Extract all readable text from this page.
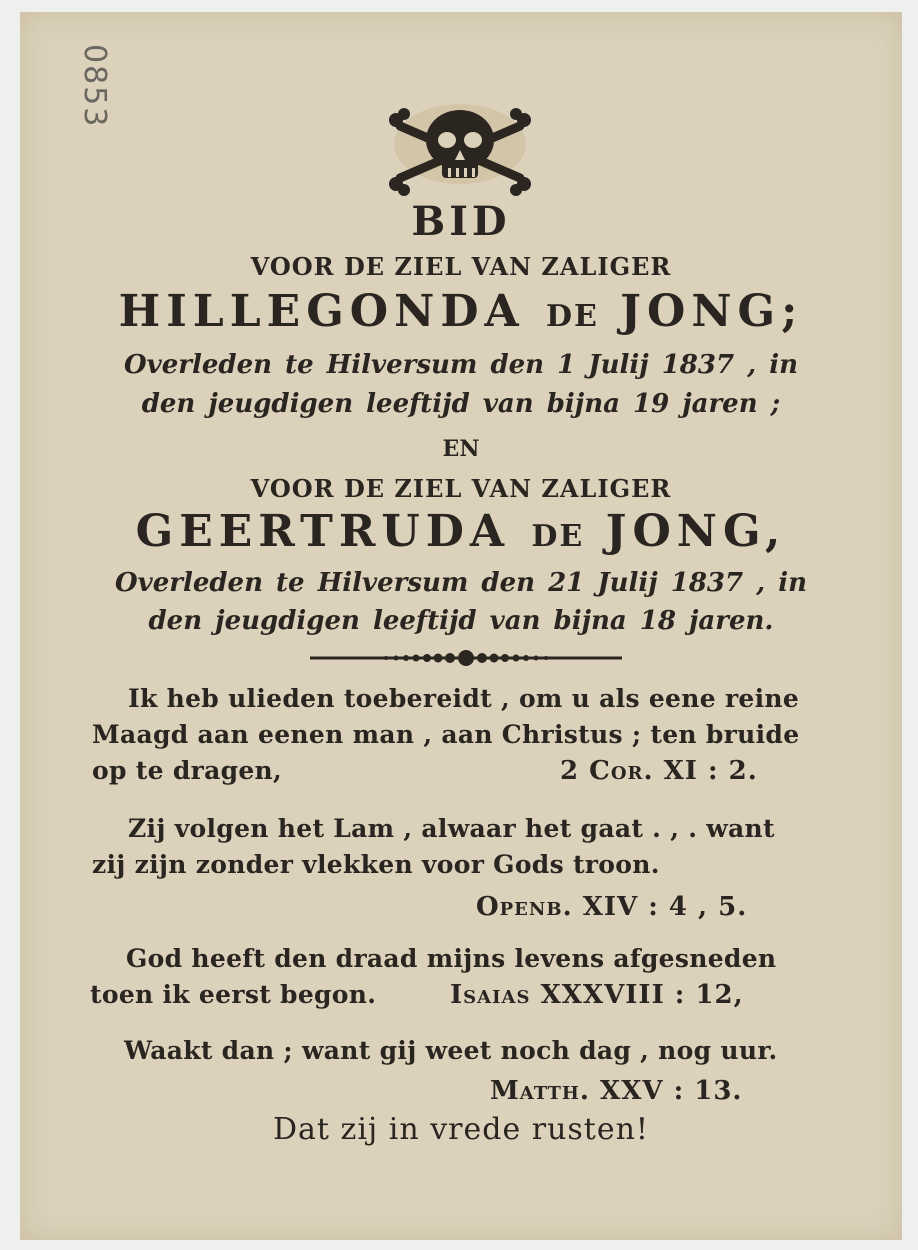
0853
BID
VOOR DE ZIEL VAN ZALIGER
HILLEGONDA DE JONG;
Overleden te Hilversum den 1 Julij 1837 , in
den jeugdigen leeftijd van bijna 19 jaren ;
EN
VOOR DE ZIEL VAN ZALIGER
GEERTRUDA DE JONG,
Overleden te Hilversum den 21 Julij 1837 , in
den jeugdigen leeftijd van bijna 18 jaren.
Ik heb ulieden toebereidt , om u als eene reine
Maagd aan eenen man , aan Christus ; ten bruide
op te dragen,	2 Cor. XI : 2.
Zij volgen het Lam , alwaar het gaat . , . want
zij zijn zonder vlekken voor Gods troon.
Openb. XIV : 4 , 5.
God heeft den draad mijns levens afgesneden
toen ik eerst begon.	Isaias XXXVIII : 12,
Waakt dan ; want gij weet noch dag , nog uur.
Matth. XXV : 13.
Dat zij in vrede rusten!
